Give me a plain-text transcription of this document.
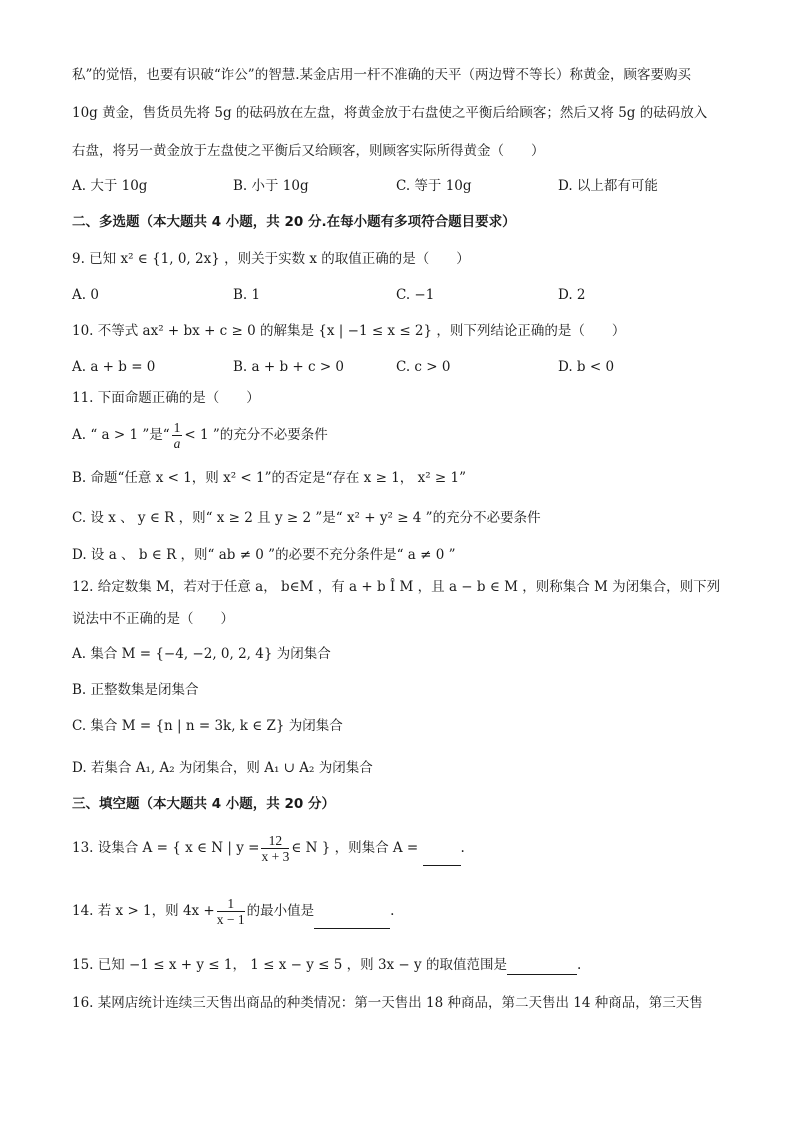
私”的觉悟，也要有识破“诈公”的智慧.某金店用一杆不准确的天平（两边臂不等长）称黄金，顾客要购买
10g 黄金，售货员先将 5g 的砝码放在左盘，将黄金放于右盘使之平衡后给顾客；然后又将 5g 的砝码放入
右盘，将另一黄金放于左盘使之平衡后又给顾客，则顾客实际所得黄金（　　）
A. 大于 10g	B. 小于 10g	C. 等于 10g	D. 以上都有可能
二、多选题（本大题共 4 小题，共 20 分.在每小题有多项符合题目要求）
9. 已知 x² ∈ {1, 0, 2x} ，则关于实数 x 的取值正确的是（　　）
A. 0	B. 1	C. −1	D. 2
10. 不等式 ax² + bx + c ≥ 0 的解集是 {x | −1 ≤ x ≤ 2} ，则下列结论正确的是（　　）
A. a + b = 0	B. a + b + c > 0	C. c > 0	D. b < 0
11. 下面命题正确的是（　　）
A. “ a > 1 ”是“ $\frac{1}{a} < 1$ ”的充分不必要条件
B. 命题“任意 x < 1，则 x² < 1”的否定是“存在 x ≥ 1， x² ≥ 1”
C. 设 x 、 y ∈ R ，则“ x ≥ 2 且 y ≥ 2 ”是“ x² + y² ≥ 4 ”的充分不必要条件
D. 设 a 、 b ∈ R ，则“ ab ≠ 0 ”的必要不充分条件是“ a ≠ 0 ”
12. 给定数集 M，若对于任意 a， b∈M ，有 a + b Î M ，且 a − b ∈ M ，则称集合 M 为闭集合，则下列
说法中不正确的是（　　）
A. 集合 M = {−4, −2, 0, 2, 4} 为闭集合
B. 正整数集是闭集合
C. 集合 M = {n | n = 3k, k ∈ Z} 为闭集合
D. 若集合 A₁, A₂ 为闭集合，则 A₁ ∪ A₂ 为闭集合
三、填空题（本大题共 4 小题，共 20 分）
13. 设集合 A = { x ∈ N | $y = \frac{12}{x + 3}$ ∈ N } ，则集合 A =	.
14. 若 x > 1，则 $4x + \frac{1}{x - 1}$ 的最小值是	.
15. 已知 −1 ≤ x + y ≤ 1， 1 ≤ x − y ≤ 5 ，则 3x − y 的取值范围是	.
16. 某网店统计连续三天售出商品的种类情况：第一天售出 18 种商品，第二天售出 14 种商品，第三天售
